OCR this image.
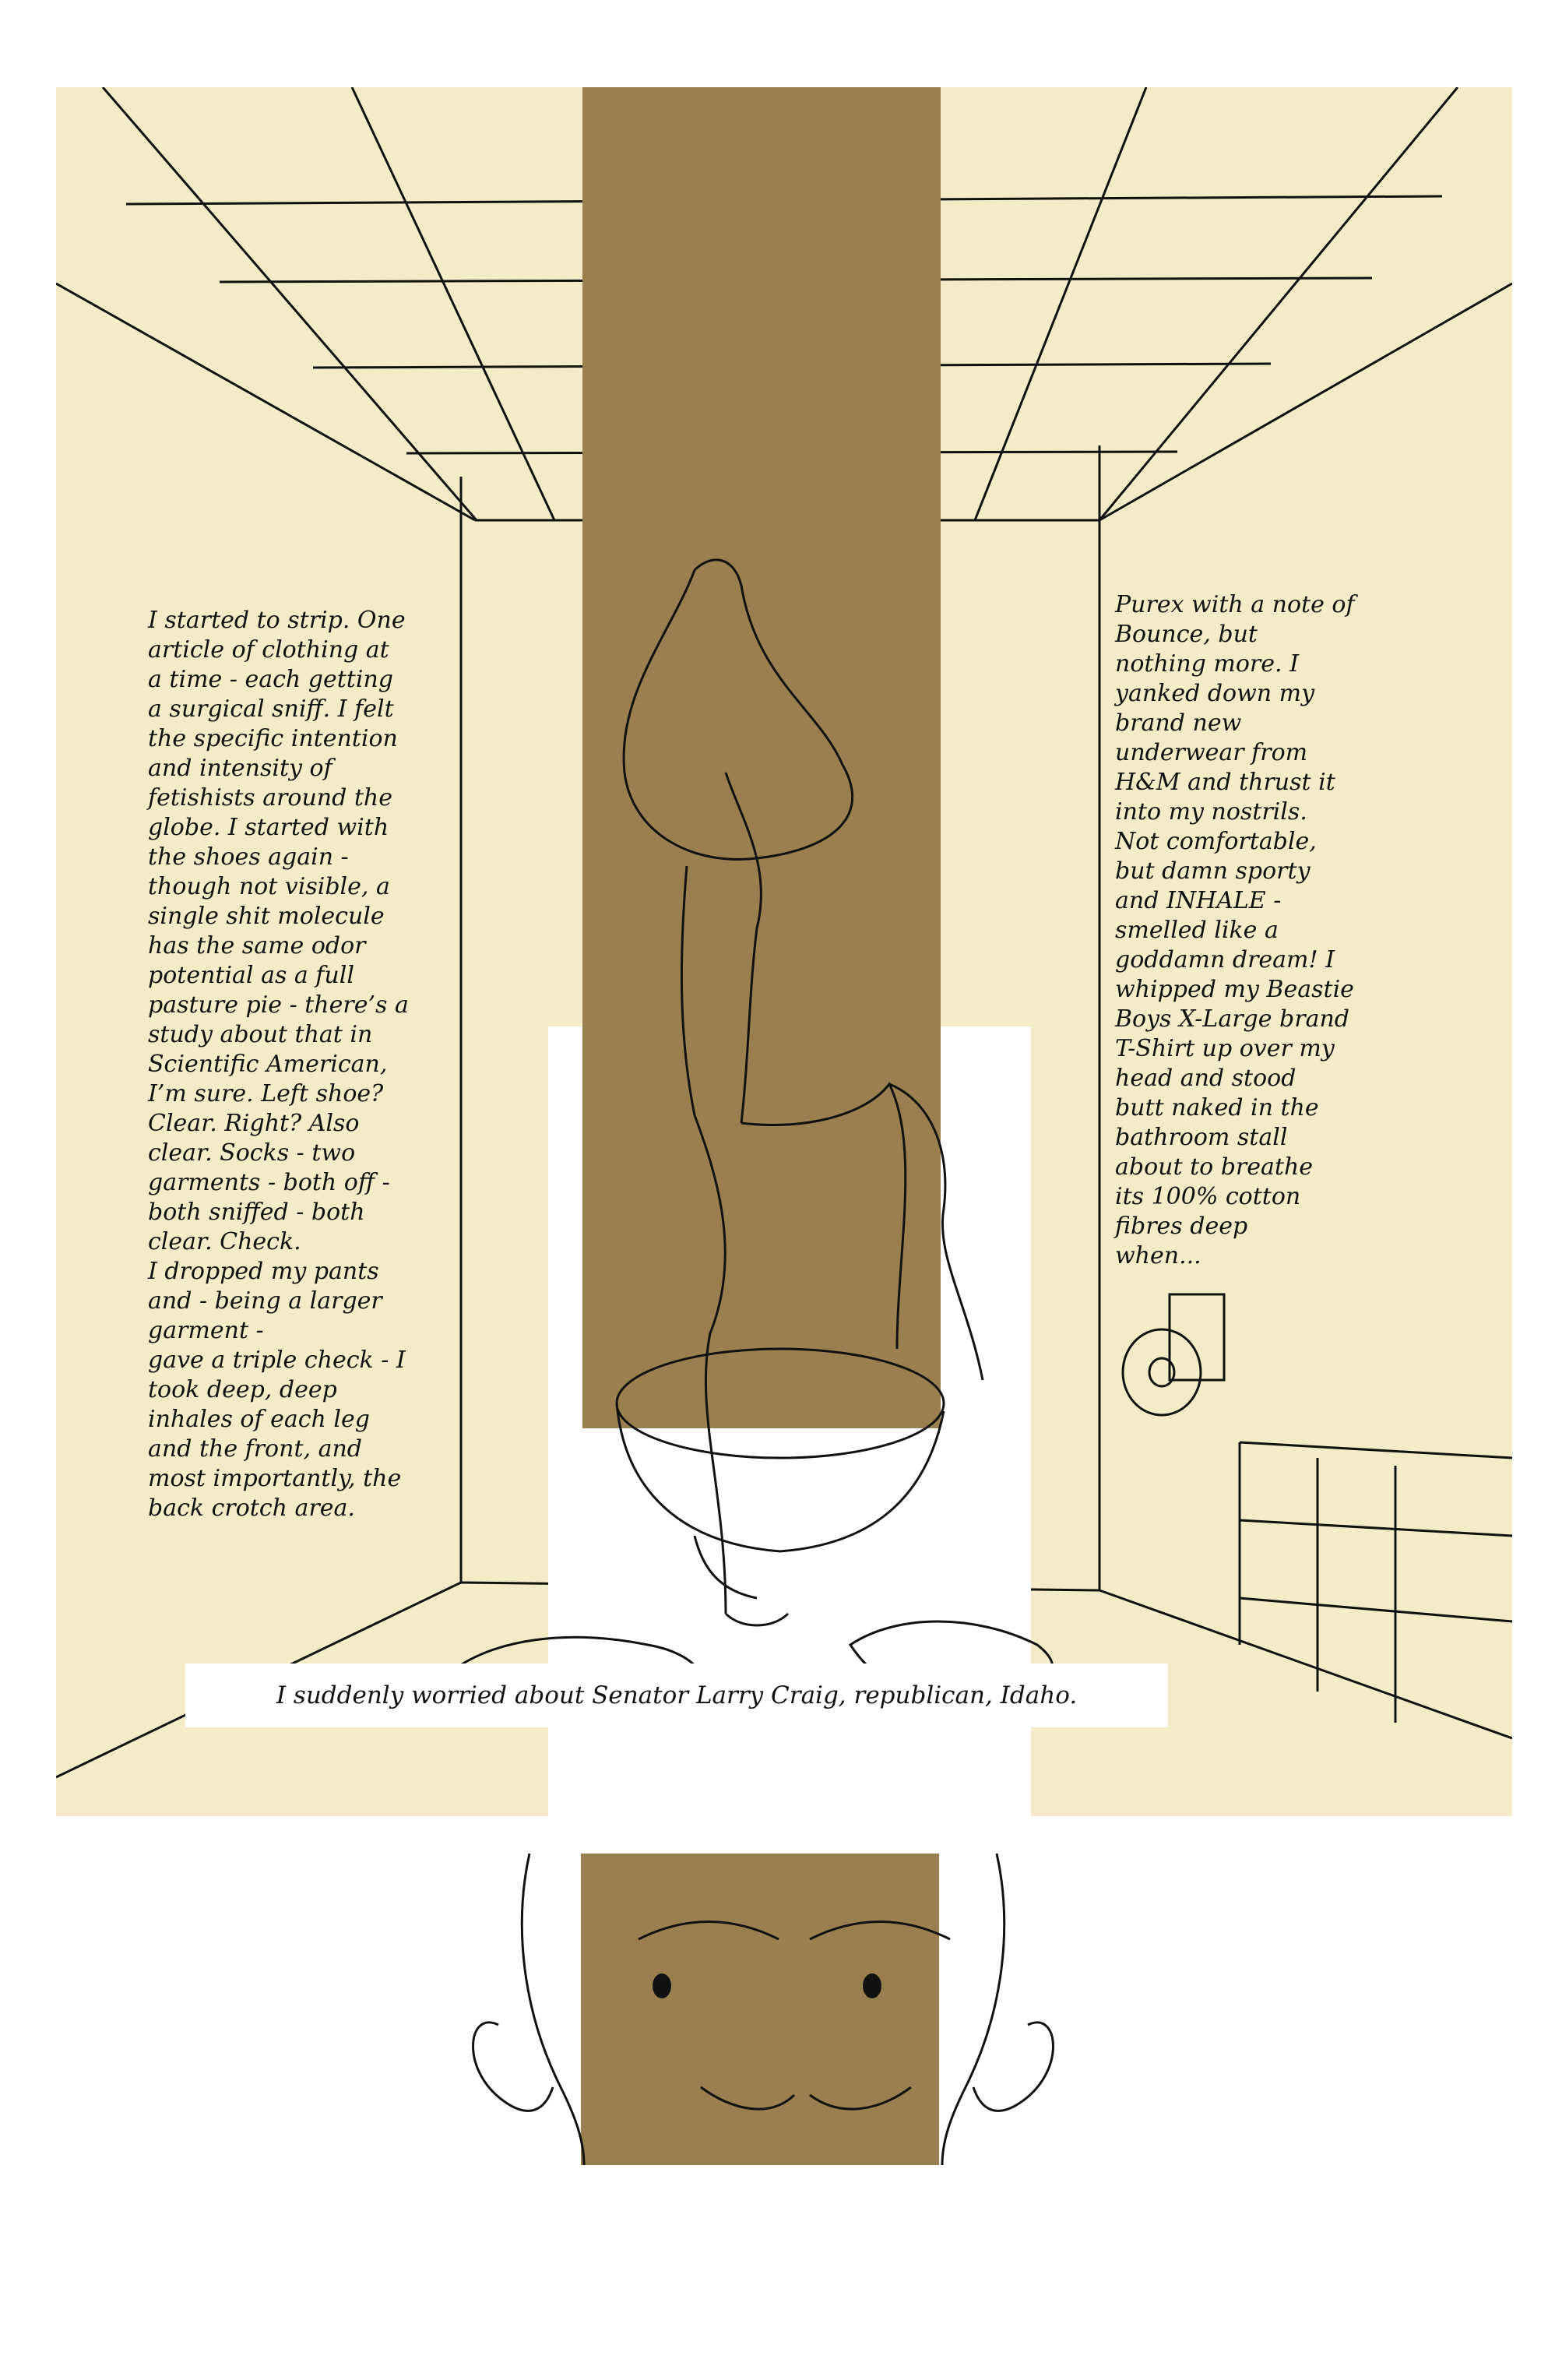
I started to strip. One
article of clothing at
a time - each getting
a surgical sniff. I felt
the specific intention
and intensity of
fetishists around the
globe. I started with
the shoes again -
though not visible, a
single shit molecule
has the same odor
potential as a full
pasture pie - there’s a
study about that in
Scientific American,
I’m sure. Left shoe?
Clear. Right? Also
clear. Socks - two
garments - both off -
both sniffed - both
clear. Check.
I dropped my pants
and - being a larger
garment -
gave a triple check - I
took deep, deep
inhales of each leg
and the front, and
most importantly, the
back crotch area.
Purex with a note of
Bounce, but
nothing more. I
yanked down my
brand new
underwear from
H&M and thrust it
into my nostrils.
Not comfortable,
but damn sporty
and INHALE -
smelled like a
goddamn dream! I
whipped my Beastie
Boys X-Large brand
T-Shirt up over my
head and stood
butt naked in the
bathroom stall
about to breathe
its 100% cotton
fibres deep
when...
I suddenly worried about Senator Larry Craig, republican, Idaho.
